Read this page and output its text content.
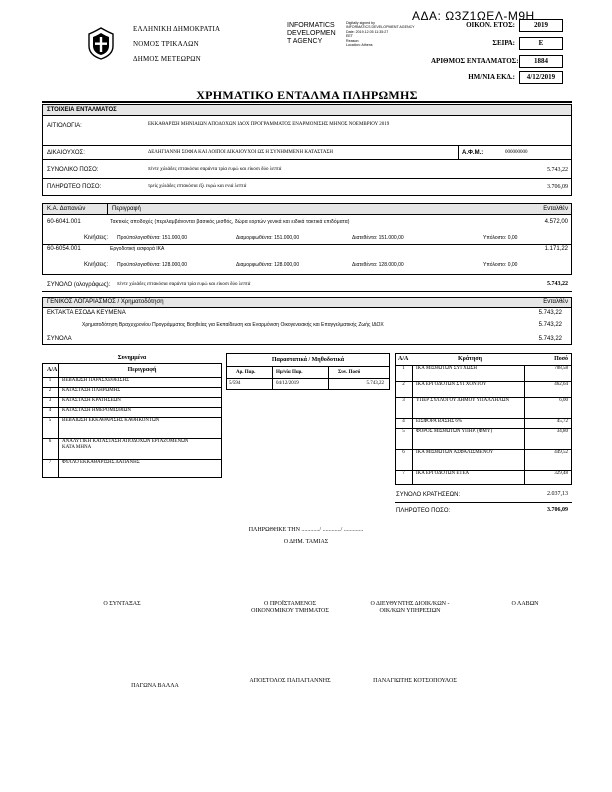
ΑΔΑ: Ω3Ζ1ΩΕΛ-Μ9Η
ΕΛΛΗΝΙΚΗ ΔΗΜΟΚΡΑΤΙΑ
ΝΟΜΟΣ ΤΡΙΚΑΛΩΝ
ΔΗΜΟΣ ΜΕΤΕΩΡΩΝ
INFORMATICS
DEVELOPMEN
T AGENCY
Digitally signed by
INFORMATICS DEVELOPMENT AGENCY
Date: 2019.12.05 11:35:27
EET
Reason:
Location: Athens
ΟΙΚΟΝ. ΕΤΟΣ:	2019
ΣΕΙΡΑ:	Ε
ΑΡΙΘΜΟΣ ΕΝΤΑΛΜΑΤΟΣ:	1884
ΗΜ/ΝΙΑ ΕΚΔ.:	4/12/2019
ΧΡΗΜΑΤΙΚΟ ΕΝΤΑΛΜΑ ΠΛΗΡΩΜΗΣ
ΣΤΟΙΧΕΙΑ ΕΝΤΑΛΜΑΤΟΣ
ΑΙΤΙΟΛΟΓΙΑ:	ΕΚΚΑΘΑΡΙΣΗ ΜΗΝΙΑΙΩΝ ΑΠΟΔΟΧΩΝ ΙΔΟΧ ΠΡΟΓΡΑΜΜΑΤΟΣ ΕΝΑΡΜΟΝΙΣΗΣ ΜΗΝΟΣ ΝΟΕΜΒΡΙΟΥ 2019
ΔΙΚΑΙΟΥΧΟΣ:	ΔΕΛΗΓΙΑΝΝΗ ΣΟΦΙΑ ΚΑΙ ΛΟΙΠΟΙ ΔΙΚΑΙΟΥΧΟΙ ΩΣ Η ΣΥΝΗΜΜΕΝΗ ΚΑΤΑΣΤΑΣΗ	Α.Φ.Μ.:	000000000
ΣΥΝΟΛΙΚΟ ΠΟΣΟ:	πέντε χιλιάδες επτακόσια σαράντα τρία ευρώ και είκοσι δύο λεπτά	5.743,22
ΠΛΗΡΩΤΕΟ ΠΟΣΟ:	τρείς χιλιάδες επτακόσια έξι ευρώ και ενιά λεπτά	3.706,09
Κ.Α. Δαπανών	Περιγραφή	Ενταλθέν
60-6041.001	Τακτικές αποδοχές (περιλαμβάνονται βασικός μισθός, δώρα εορτών γενικά και ειδικά τακτικά επιδόματα)	4.572,00
Κινήσεις: Προϋπολογισθέντα: 151.000,00	Διαμορφωθέντα: 151.000,00	Διατεθέντα: 151.000,00	Υπόλοιπο: 0,00
60-6054.001	Εργοδοτική εισφορά ΙΚΑ	1.171,22
Κινήσεις: Προϋπολογισθέντα: 128.000,00	Διαμορφωθέντα: 128.000,00	Διατεθέντα: 128.000,00	Υπόλοιπο: 0,00
ΣΥΝΟΛΟ (ολογράφως): πέντε χιλιάδες επτακόσια σαράντα τρία ευρώ και είκοσι δύο λεπτά	5.743,22
ΓΕΝΙΚΟΣ ΛΟΓΑΡΙΑΣΜΟΣ / Χρηματοδότηση	Ενταλθέν
ΕΚΤΑΚΤΑ ΕΣΟΔΑ ΚΕΥΜΕΝΑ	5.743,22
Χρηματοδότηση Βραχυχρονίου Προγράμματος Βοηθείας για Εκπαίδευση και Εναρμόνιση Οικογενειακής και Επαγγελματικής Ζωής ΙΔΟΧ	5.743,22
ΣΥΝΟΛΑ	5.743,22
Συνημμένα
Α/Α	Περιγραφή
1	ΒΕΒΑΙΩΣΗ ΠΑΡΑΣΧΕΘΕΙΣΗΣ
2	ΚΑΤΑΣΤΑΣΗ ΠΛΗΡΩΜΗΣ
3	ΚΑΤΑΣΤΑΣΗ ΚΡΑΤΗΣΕΩΝ
4	ΚΑΤΑΣΤΑΣΗ ΗΜΕΡΟΜΙΣΘΙΩΝ
5	ΒΕΒΑΙΩΣΗ ΕΚΚΑΘΑΡΙΣΗΣ ΚΑΘΗΚΟΝΤΩΝ
6	ΑΝΑΛΥΤΙΚΗ ΚΑΤΑΣΤΑΣΗ ΑΠΟΔΟΧΩΝ ΕΡΓΑΖΟΜΕΝΩΝ ΚΑΤΑ ΜΗΝΑ
7	ΦΥΛΛΟ ΕΚΚΑΘΑΡΙΣΗΣ ΔΑΠΑΝΗΣ
Παραστατικά / Μηθοδοτικά
Αρ. Παρ.	Ημ/νία Παρ.	Συν. Ποσό
5/594	04/12/2019	5.743,22
Α/Α	Κράτηση	Ποσό
1	ΙΚΑ ΜΙΣΘΩΤΩΝ ΣΥΓΧΩΣΗ	708,58
2	ΙΚΑ ΕΡΓΟΔΟΤΩΝ ΣΥΓΧΟΝΤΟΥ	462,64
3	ΥΠΕΡ ΣΥΛΛΟΓΟΥ ΔΗΜΟΥ ΥΠΑΛΛΗΛΩΝ	6,00
4	ΕΙΣΦΟΡΑ ΒΑΣΗΣ 6%	45,72
5	ΦΟΡΟΣ ΜΙΣΘΩΤΩΝ ΥΠΗΡ. (ΦΜΥ)	34,80
6	ΙΚΑ ΜΙΣΘΩΤΩΝ ΑΣΦΑΛΙΣΜΕΝΟΥ	449,52
7	ΙΚΑ ΕΡΓΟΔΟΤΩΝ ΕΤΕΑ	329,48
ΣΥΝΟΛΟ ΚΡΑΤΗΣΕΩΝ:	2.037,13
ΠΛΗΡΩΤΕΟ ΠΟΣΟ:	3.706,09
ΠΛΗΡΩΘΗΚΕ ΤΗΝ ............/ ............/ .............
Ο ΔΗΜ. ΤΑΜΙΑΣ
Ο ΣΥΝΤΑΞΑΣ	Ο ΠΡΟΪΣΤΑΜΕΝΟΣ ΟΙΚΟΝΟΜΙΚΟΥ ΤΜΗΜΑΤΟΣ
Ο ΔΙΕΥΘΥΝΤΗΣ ΔΙΟΙΚ/ΚΩΝ - ΟΙΚ/ΚΩΝ ΥΠΗΡΕΣΙΩΝ
Ο ΛΑΒΩΝ
ΠΑΓΩΝΑ ΒΑΛΛΑ
ΑΠΟΣΤΟΛΟΣ ΠΑΠΑΓΙΑΝΝΗΣ	ΠΑΝΑΓΙΩΤΗΣ ΚΟΤΣΟΠΟΥΛΟΣ
